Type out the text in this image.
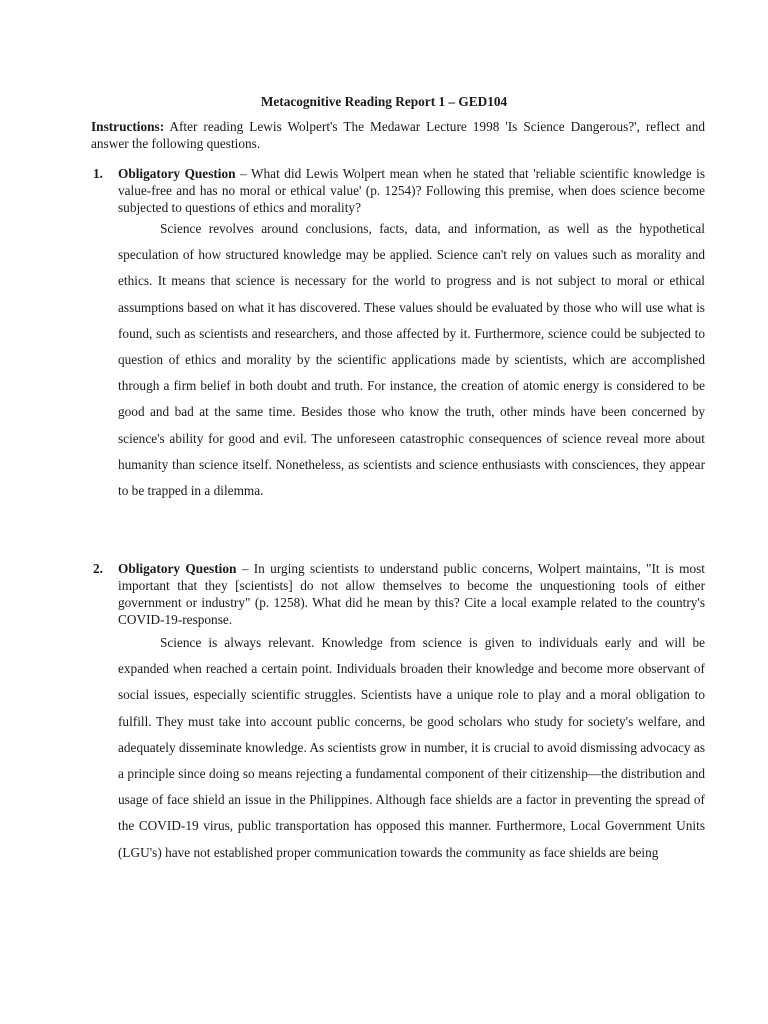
Metacognitive Reading Report 1 – GED104
Instructions: After reading Lewis Wolpert's The Medawar Lecture 1998 'Is Science Dangerous?', reflect and answer the following questions.
1. Obligatory Question – What did Lewis Wolpert mean when he stated that 'reliable scientific knowledge is value-free and has no moral or ethical value' (p. 1254)? Following this premise, when does science become subjected to questions of ethics and morality?

Science revolves around conclusions, facts, data, and information, as well as the hypothetical speculation of how structured knowledge may be applied. Science can't rely on values such as morality and ethics. It means that science is necessary for the world to progress and is not subject to moral or ethical assumptions based on what it has discovered. These values should be evaluated by those who will use what is found, such as scientists and researchers, and those affected by it. Furthermore, science could be subjected to question of ethics and morality by the scientific applications made by scientists, which are accomplished through a firm belief in both doubt and truth. For instance, the creation of atomic energy is considered to be good and bad at the same time. Besides those who know the truth, other minds have been concerned by science's ability for good and evil. The unforeseen catastrophic consequences of science reveal more about humanity than science itself. Nonetheless, as scientists and science enthusiasts with consciences, they appear to be trapped in a dilemma.

2. Obligatory Question – In urging scientists to understand public concerns, Wolpert maintains, "It is most important that they [scientists] do not allow themselves to become the unquestioning tools of either government or industry" (p. 1258). What did he mean by this? Cite a local example related to the country's COVID-19-response.

Science is always relevant. Knowledge from science is given to individuals early and will be expanded when reached a certain point. Individuals broaden their knowledge and become more observant of social issues, especially scientific struggles. Scientists have a unique role to play and a moral obligation to fulfill. They must take into account public concerns, be good scholars who study for society's welfare, and adequately disseminate knowledge. As scientists grow in number, it is crucial to avoid dismissing advocacy as a principle since doing so means rejecting a fundamental component of their citizenship—the distribution and usage of face shield an issue in the Philippines. Although face shields are a factor in preventing the spread of the COVID-19 virus, public transportation has opposed this manner. Furthermore, Local Government Units (LGU's) have not established proper communication towards the community as face shields are being
